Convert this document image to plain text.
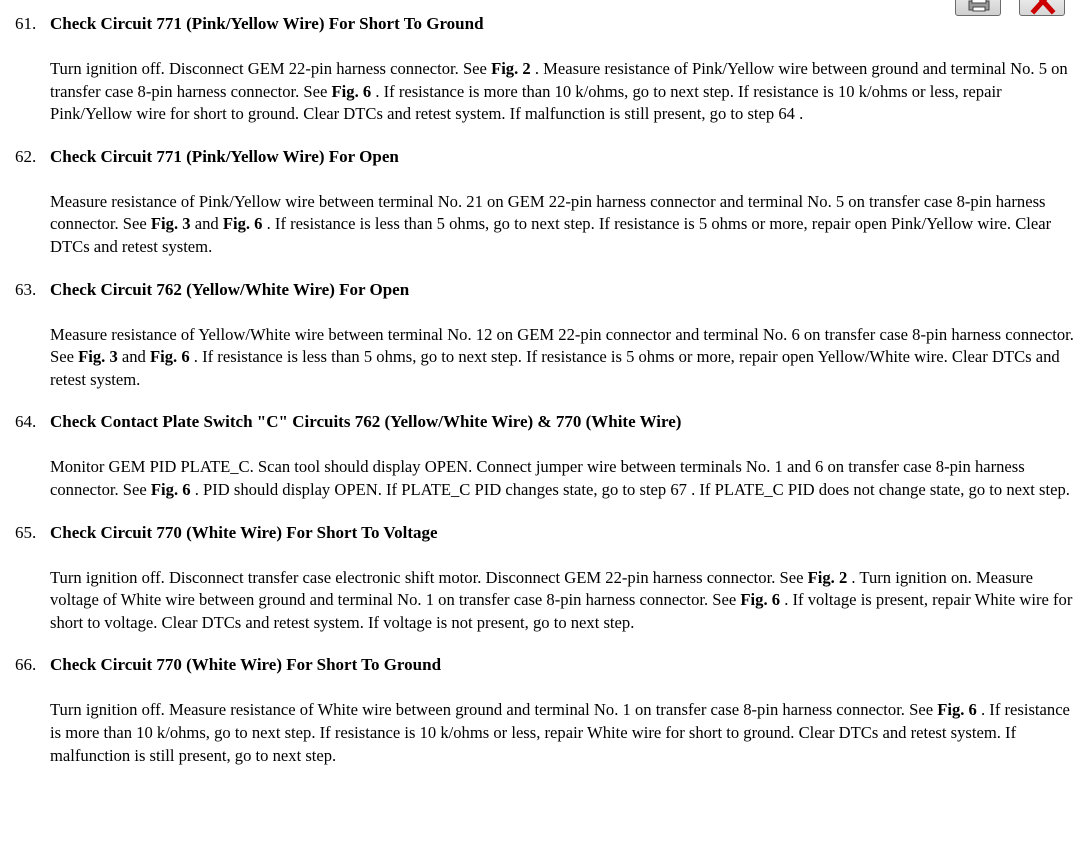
61. Check Circuit 771 (Pink/Yellow Wire) For Short To Ground
Turn ignition off. Disconnect GEM 22-pin harness connector. See Fig. 2 . Measure resistance of Pink/Yellow wire between ground and terminal No. 5 on transfer case 8-pin harness connector. See Fig. 6 . If resistance is more than 10 k/ohms, go to next step. If resistance is 10 k/ohms or less, repair Pink/Yellow wire for short to ground. Clear DTCs and retest system. If malfunction is still present, go to step 64 .
62. Check Circuit 771 (Pink/Yellow Wire) For Open
Measure resistance of Pink/Yellow wire between terminal No. 21 on GEM 22-pin harness connector and terminal No. 5 on transfer case 8-pin harness connector. See Fig. 3 and Fig. 6 . If resistance is less than 5 ohms, go to next step. If resistance is 5 ohms or more, repair open Pink/Yellow wire. Clear DTCs and retest system.
63. Check Circuit 762 (Yellow/White Wire) For Open
Measure resistance of Yellow/White wire between terminal No. 12 on GEM 22-pin connector and terminal No. 6 on transfer case 8-pin harness connector. See Fig. 3 and Fig. 6 . If resistance is less than 5 ohms, go to next step. If resistance is 5 ohms or more, repair open Yellow/White wire. Clear DTCs and retest system.
64. Check Contact Plate Switch "C" Circuits 762 (Yellow/White Wire) & 770 (White Wire)
Monitor GEM PID PLATE_C. Scan tool should display OPEN. Connect jumper wire between terminals No. 1 and 6 on transfer case 8-pin harness connector. See Fig. 6 . PID should display OPEN. If PLATE_C PID changes state, go to step 67 . If PLATE_C PID does not change state, go to next step.
65. Check Circuit 770 (White Wire) For Short To Voltage
Turn ignition off. Disconnect transfer case electronic shift motor. Disconnect GEM 22-pin harness connector. See Fig. 2 . Turn ignition on. Measure voltage of White wire between ground and terminal No. 1 on transfer case 8-pin harness connector. See Fig. 6 . If voltage is present, repair White wire for short to voltage. Clear DTCs and retest system. If voltage is not present, go to next step.
66. Check Circuit 770 (White Wire) For Short To Ground
Turn ignition off. Measure resistance of White wire between ground and terminal No. 1 on transfer case 8-pin harness connector. See Fig. 6 . If resistance is more than 10 k/ohms, go to next step. If resistance is 10 k/ohms or less, repair White wire for short to ground. Clear DTCs and retest system. If malfunction is still present, go to next step.
